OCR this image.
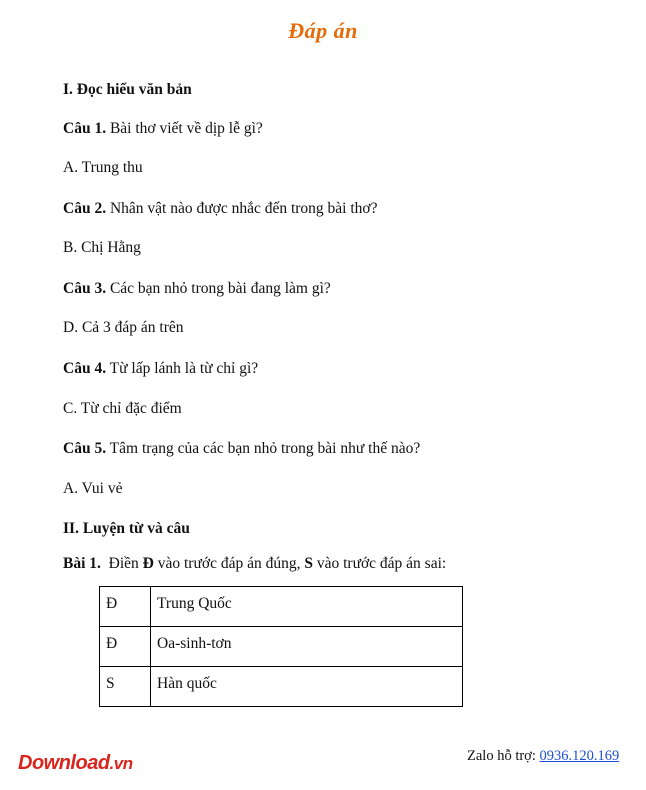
Đáp án
I. Đọc hiểu văn bản
Câu 1. Bài thơ viết về dịp lễ gì?
A. Trung thu
Câu 2. Nhân vật nào được nhắc đến trong bài thơ?
B. Chị Hằng
Câu 3. Các bạn nhỏ trong bài đang làm gì?
D. Cả 3 đáp án trên
Câu 4. Từ lấp lánh là từ chỉ gì?
C. Từ chỉ đặc điểm
Câu 5. Tâm trạng của các bạn nhỏ trong bài như thế nào?
A. Vui vẻ
II. Luyện từ và câu
Bài 1.  Điền Đ vào trước đáp án đúng, S vào trước đáp án sai:
Đ	Trung Quốc
Đ	Oa-sinh-tơn
S	Hàn quốc
Download.vn	Zalo hỗ trợ: 0936.120.169
